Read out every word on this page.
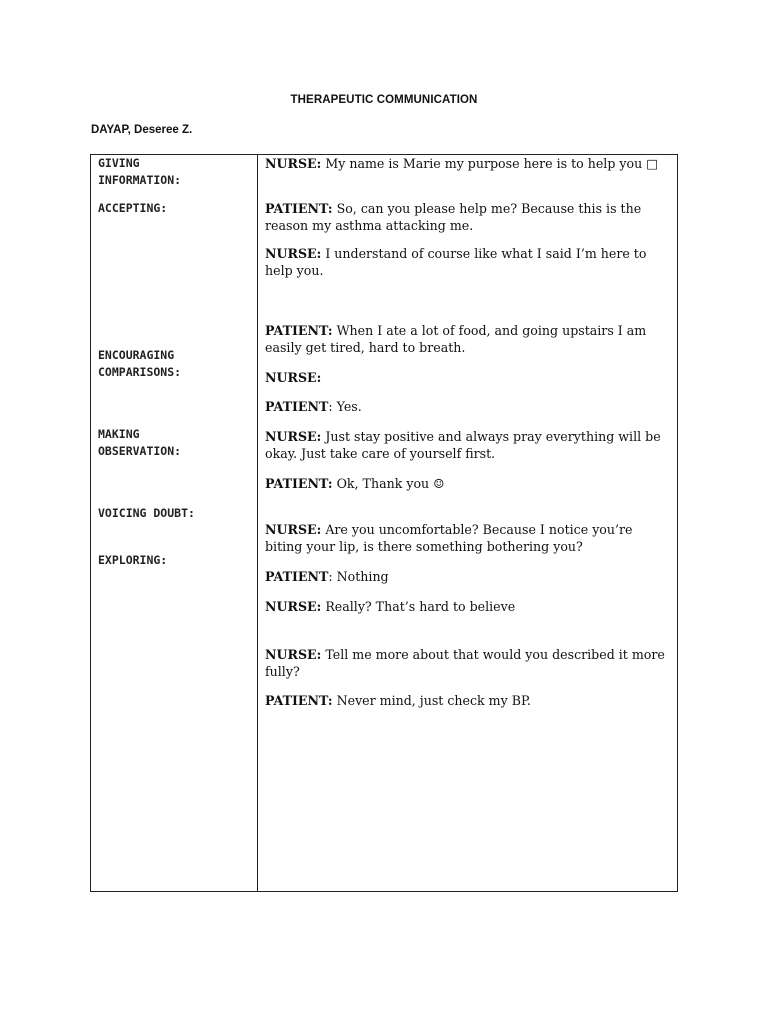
THERAPEUTIC COMMUNICATION
DAYAP, Deseree Z.
GIVING
INFORMATION:
ACCEPTING:
ENCOURAGING
COMPARISONS:
MAKING
OBSERVATION:
VOICING DOUBT:
EXPLORING:
NURSE: My name is Marie my purpose here is to help you □
PATIENT: So, can you please help me? Because this is the reason my asthma attacking me.
NURSE: I understand of course like what I said I’m here to help you.
PATIENT: When I ate a lot of food, and going upstairs I am easily get tired, hard to breath.
NURSE:
PATIENT: Yes.
NURSE: Just stay positive and always pray everything will be okay. Just take care of yourself first.
PATIENT: Ok, Thank you ☺
NURSE: Are you uncomfortable? Because I notice you’re biting your lip, is there something bothering you?
PATIENT: Nothing
NURSE: Really? That’s hard to believe
NURSE: Tell me more about that would you described it more fully?
PATIENT: Never mind, just check my BP.
